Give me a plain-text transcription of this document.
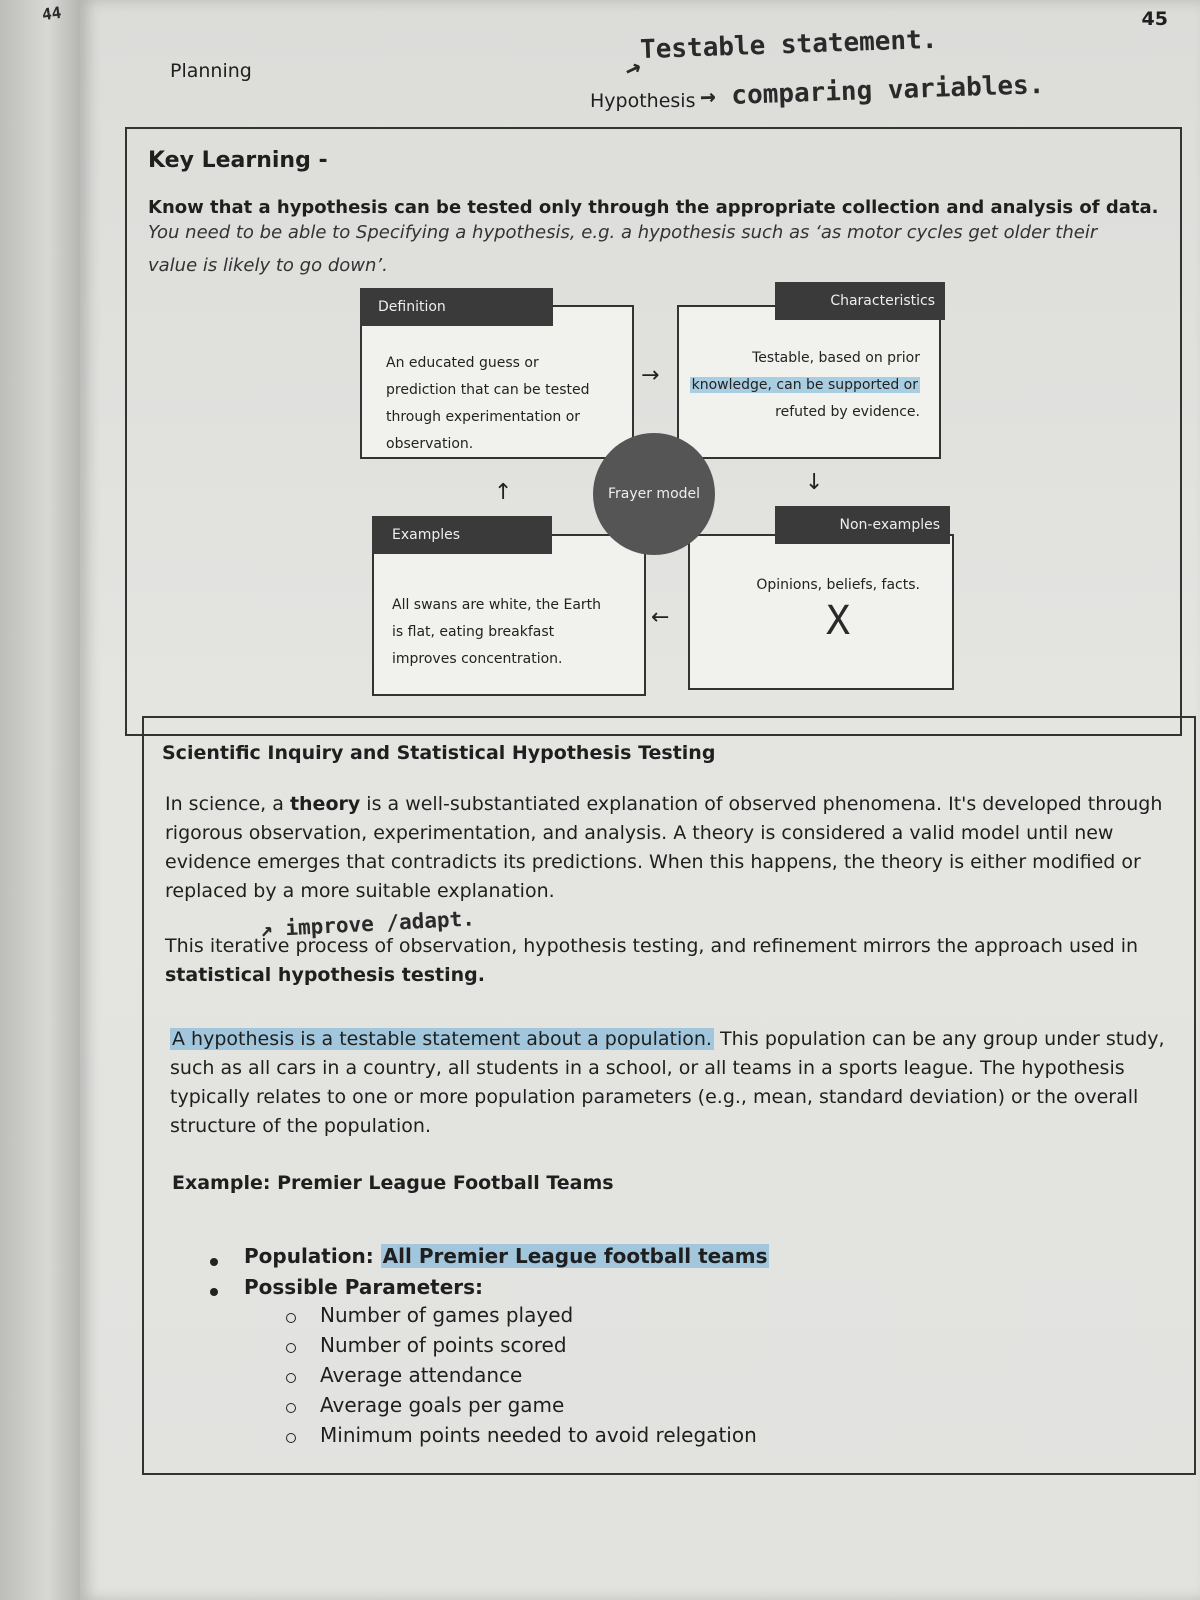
44	45
Planning
Hypothesis
↗
Testable statement.
→ comparing variables.
Key Learning -
Know that a hypothesis can be tested only through the appropriate collection and analysis of data.
You need to be able to Specifying a hypothesis, e.g. a hypothesis such as ‘as motor cycles get older their value is likely to go down’.
Definition
An educated guess or
prediction that can be tested
through experimentation or
observation.
Characteristics
Testable, based on prior
knowledge, can be supported or
refuted by evidence.
Examples
All swans are white, the Earth
is flat, eating breakfast
improves concentration.
Non-examples
Opinions, beliefs, facts.
X
Frayer model
→
↓
←
↑
Scientific Inquiry and Statistical Hypothesis Testing
In science, a theory is a well-substantiated explanation of observed phenomena. It's developed through rigorous observation, experimentation, and analysis. A theory is considered a valid model until new evidence emerges that contradicts its predictions. When this happens, the theory is either modified or replaced by a more suitable explanation.
↗ improve /adapt.
This iterative process of observation, hypothesis testing, and refinement mirrors the approach used in statistical hypothesis testing.
A hypothesis is a testable statement about a population. This population can be any group under study, such as all cars in a country, all students in a school, or all teams in a sports league. The hypothesis typically relates to one or more population parameters (e.g., mean, standard deviation) or the overall structure of the population.
Example: Premier League Football Teams
Population: All Premier League football teams
Possible Parameters:
Number of games played
Number of points scored
Average attendance
Average goals per game
Minimum points needed to avoid relegation
